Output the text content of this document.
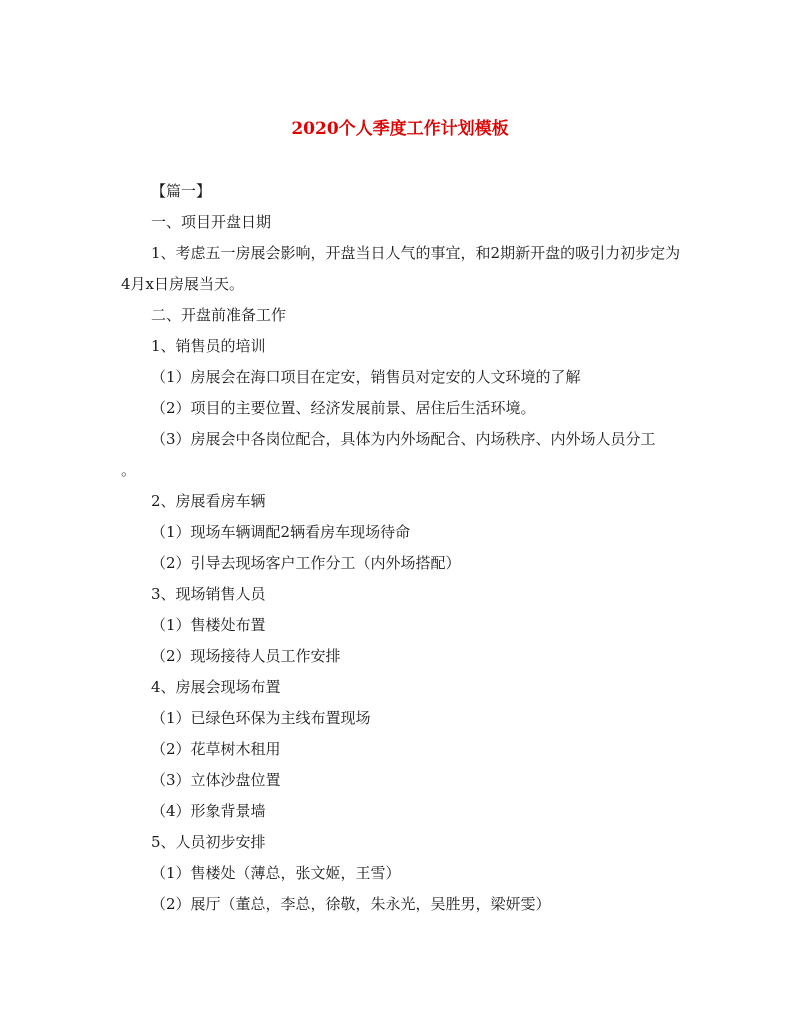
2020个人季度工作计划模板

【篇一】

一、项目开盘日期

1、考虑五一房展会影响，开盘当日人气的事宜，和2期新开盘的吸引力初步定为4月x日房展当天。

二、开盘前准备工作

1、销售员的培训

（1）房展会在海口项目在定安，销售员对定安的人文环境的了解

（2）项目的主要位置、经济发展前景、居住后生活环境。

（3）房展会中各岗位配合，具体为内外场配合、内场秩序、内外场人员分工

。

2、房展看房车辆

（1）现场车辆调配2辆看房车现场待命

（2）引导去现场客户工作分工（内外场搭配）

3、现场销售人员

（1）售楼处布置

（2）现场接待人员工作安排

4、房展会现场布置

（1）已绿色环保为主线布置现场

（2）花草树木租用

（3）立体沙盘位置

（4）形象背景墙

5、人员初步安排

（1）售楼处（薄总，张文姬，王雪）

（2）展厅（董总，李总，徐敬，朱永光，吴胜男，梁妍雯）
